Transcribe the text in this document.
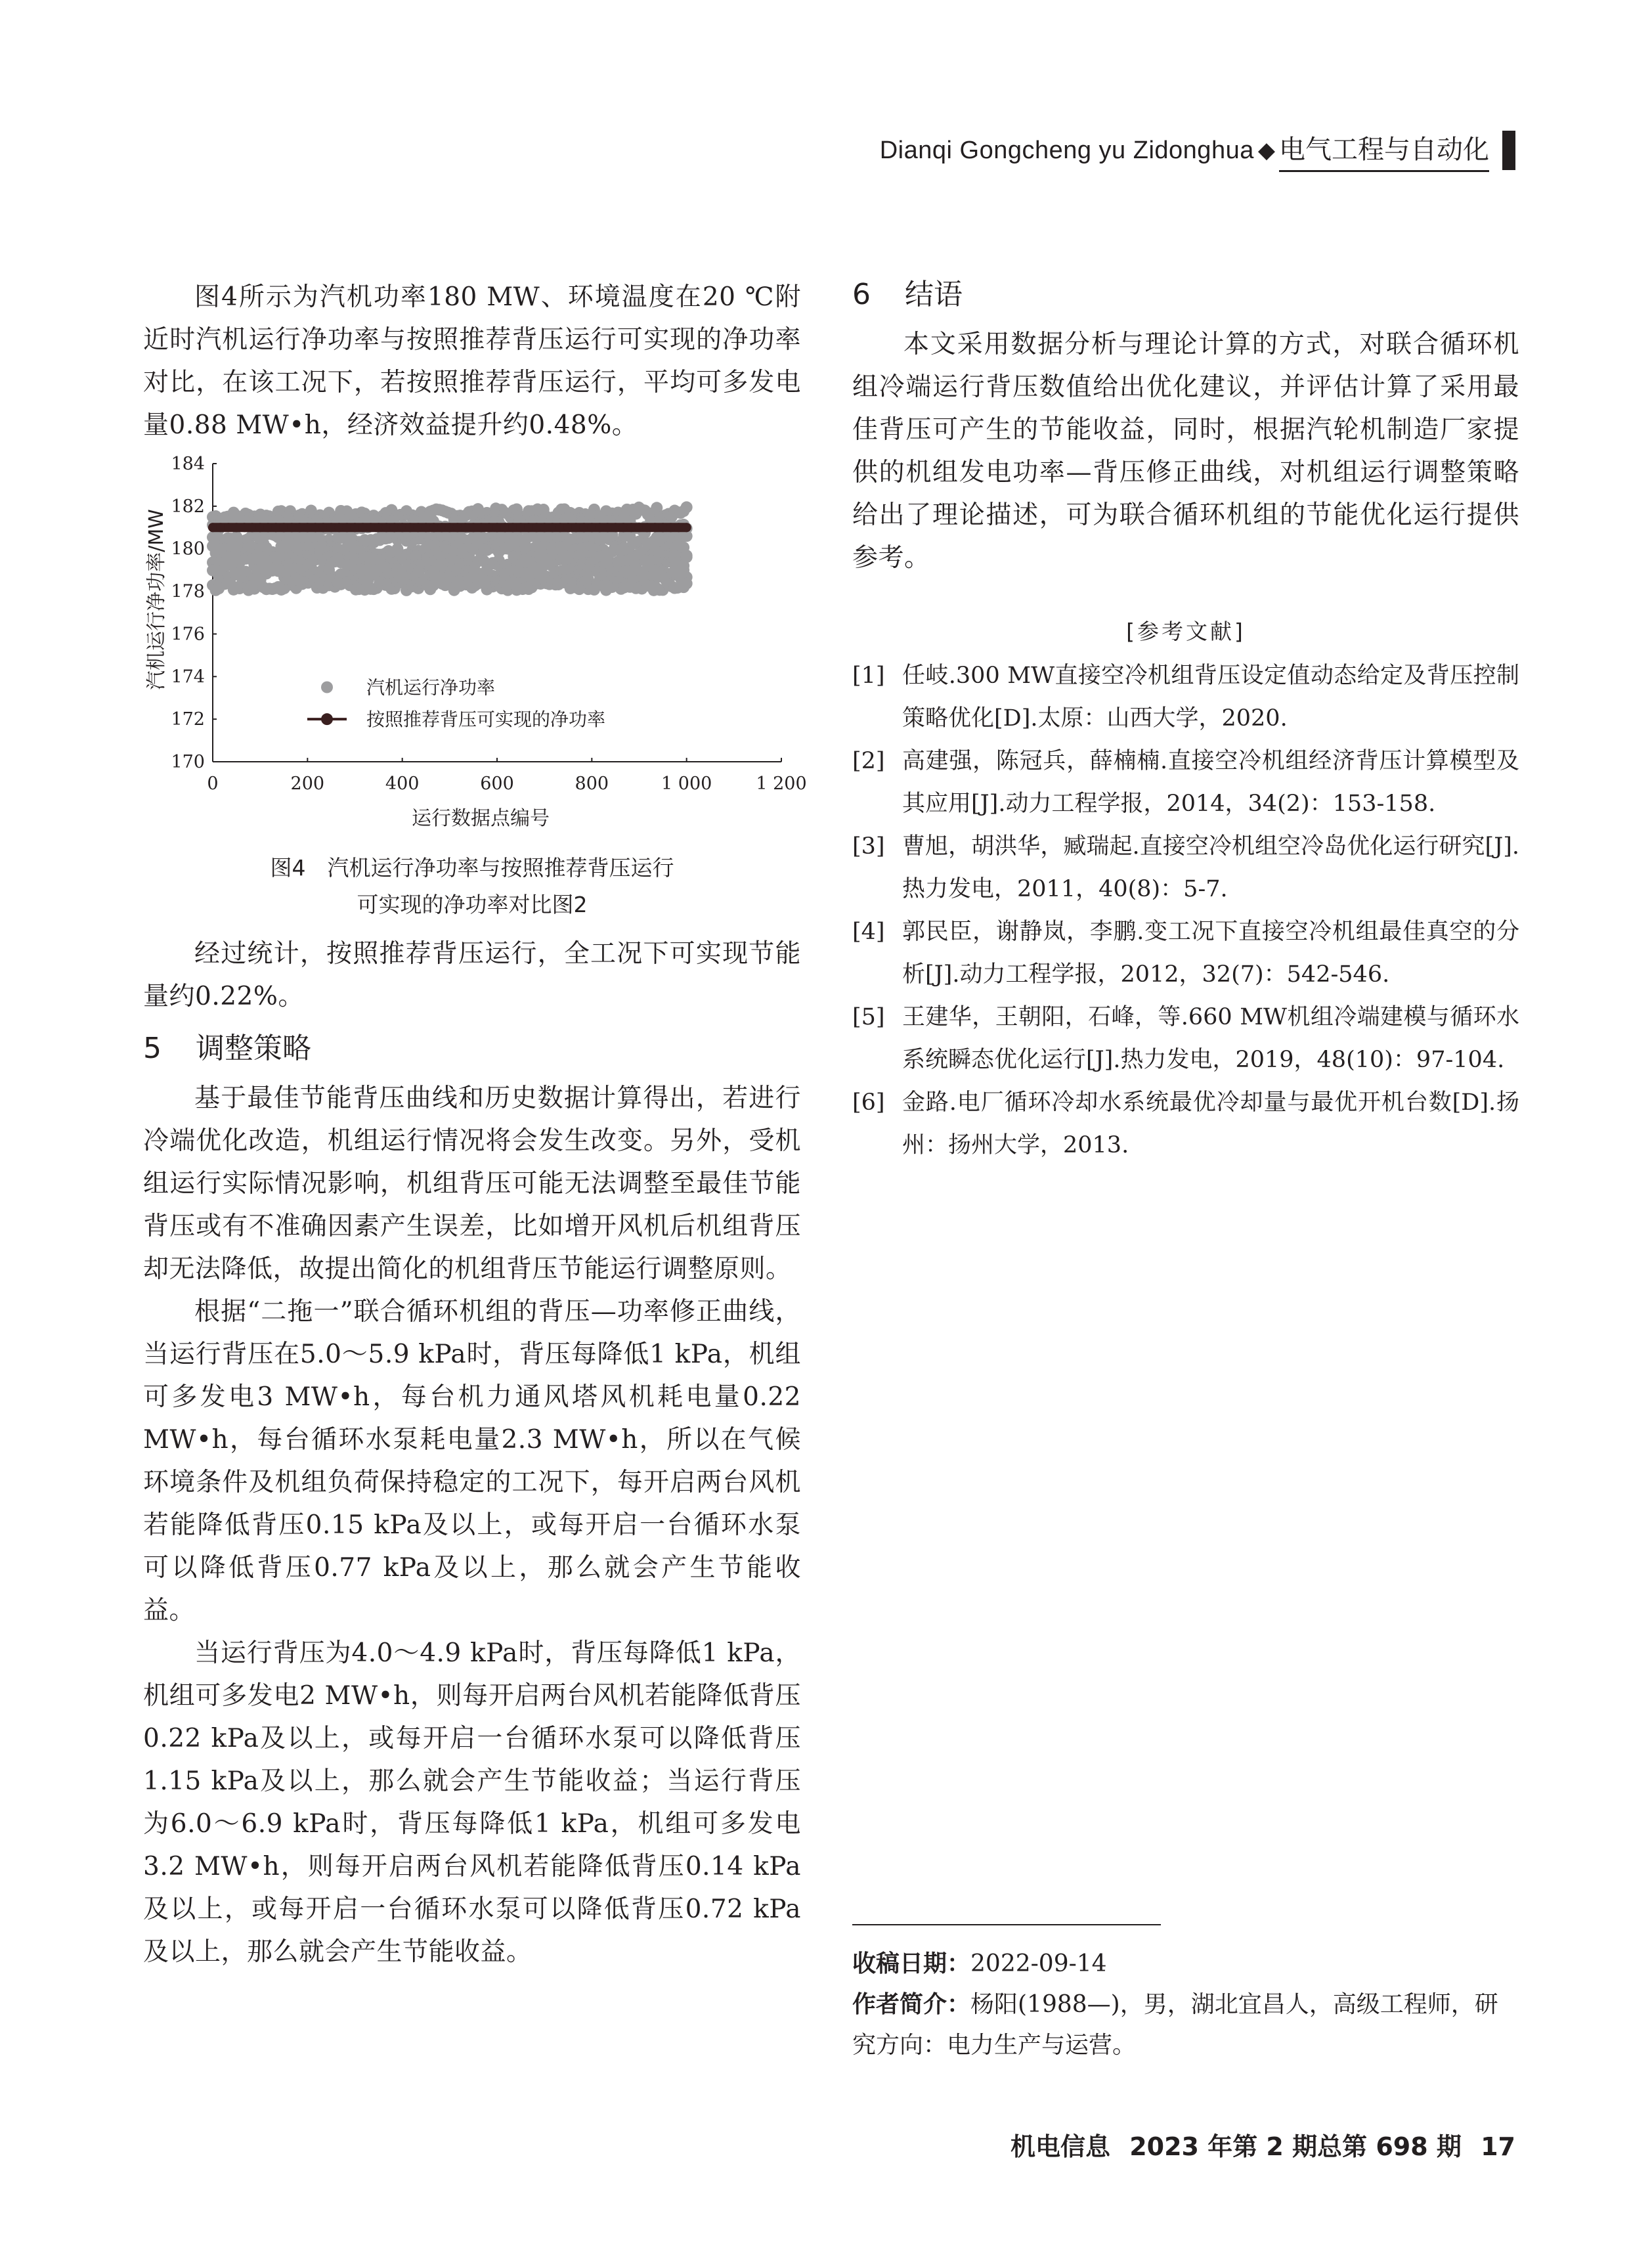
Dianqi Gongcheng yu Zidonghua ◆ 电气工程与自动化

图4所示为汽机功率180 MW、环境温度在20 ℃附近时汽机运行净功率与按照推荐背压运行可实现的净功率对比，在该工况下，若按照推荐背压运行，平均可多发电量0.88 MW•h，经济效益提升约0.48%。

170
172
174
176
178
180
182
184
0	200	400	600	800	1 000 1 200
运行数据点编号
汽机运行净功率/MW	汽机运行净功率
按照推荐背压可实现的净功率
图4　汽机运行净功率与按照推荐背压运行
可实现的净功率对比图2

经过统计，按照推荐背压运行，全工况下可实现节能量约0.22%。

5 调整策略

基于最佳节能背压曲线和历史数据计算得出，若进行冷端优化改造，机组运行情况将会发生改变。另外，受机组运行实际情况影响，机组背压可能无法调整至最佳节能背压或有不准确因素产生误差，比如增开风机后机组背压却无法降低，故提出简化的机组背压节能运行调整原则。

根据“二拖一”联合循环机组的背压—功率修正曲线，当运行背压在5.0～5.9 kPa时，背压每降低1 kPa，机组可多发电3 MW•h，每台机力通风塔风机耗电量0.22 MW•h，每台循环水泵耗电量2.3 MW•h，所以在气候环境条件及机组负荷保持稳定的工况下，每开启两台风机若能降低背压0.15 kPa及以上，或每开启一台循环水泵可以降低背压0.77 kPa及以上，那么就会产生节能收益。

当运行背压为4.0～4.9 kPa时，背压每降低1 kPa，机组可多发电2 MW•h，则每开启两台风机若能降低背压0.22 kPa及以上，或每开启一台循环水泵可以降低背压1.15 kPa及以上，那么就会产生节能收益；当运行背压为6.0～6.9 kPa时，背压每降低1 kPa，机组可多发电3.2 MW•h，则每开启两台风机若能降低背压0.14 kPa及以上，或每开启一台循环水泵可以降低背压0.72 kPa及以上，那么就会产生节能收益。

6 结语

本文采用数据分析与理论计算的方式，对联合循环机组冷端运行背压数值给出优化建议，并评估计算了采用最佳背压可产生的节能收益，同时，根据汽轮机制造厂家提供的机组发电功率—背压修正曲线，对机组运行调整策略给出了理论描述，可为联合循环机组的节能优化运行提供参考。

[参考文献]
[1] 任岐.300 MW直接空冷机组背压设定值动态给定及背压控制策略优化[D].太原：山西大学，2020.
[2] 高建强，陈冠兵，薛楠楠.直接空冷机组经济背压计算模型及其应用[J].动力工程学报，2014，34(2)：153-158.
[3] 曹旭，胡洪华，臧瑞起.直接空冷机组空冷岛优化运行研究[J].热力发电，2011，40(8)：5-7.
[4] 郭民臣，谢静岚，李鹏.变工况下直接空冷机组最佳真空的分析[J].动力工程学报，2012，32(7)：542-546.
[5] 王建华，王朝阳，石峰，等.660 MW机组冷端建模与循环水系统瞬态优化运行[J].热力发电，2019，48(10)：97-104.
[6] 金路.电厂循环冷却水系统最优冷却量与最优开机台数[D].扬州：扬州大学，2013.
收稿日期：2022-09-14
作者简介：杨阳(1988—)，男，湖北宜昌人，高级工程师，研究方向：电力生产与运营。
机电信息 2023 年第 2 期总第 698 期 17
